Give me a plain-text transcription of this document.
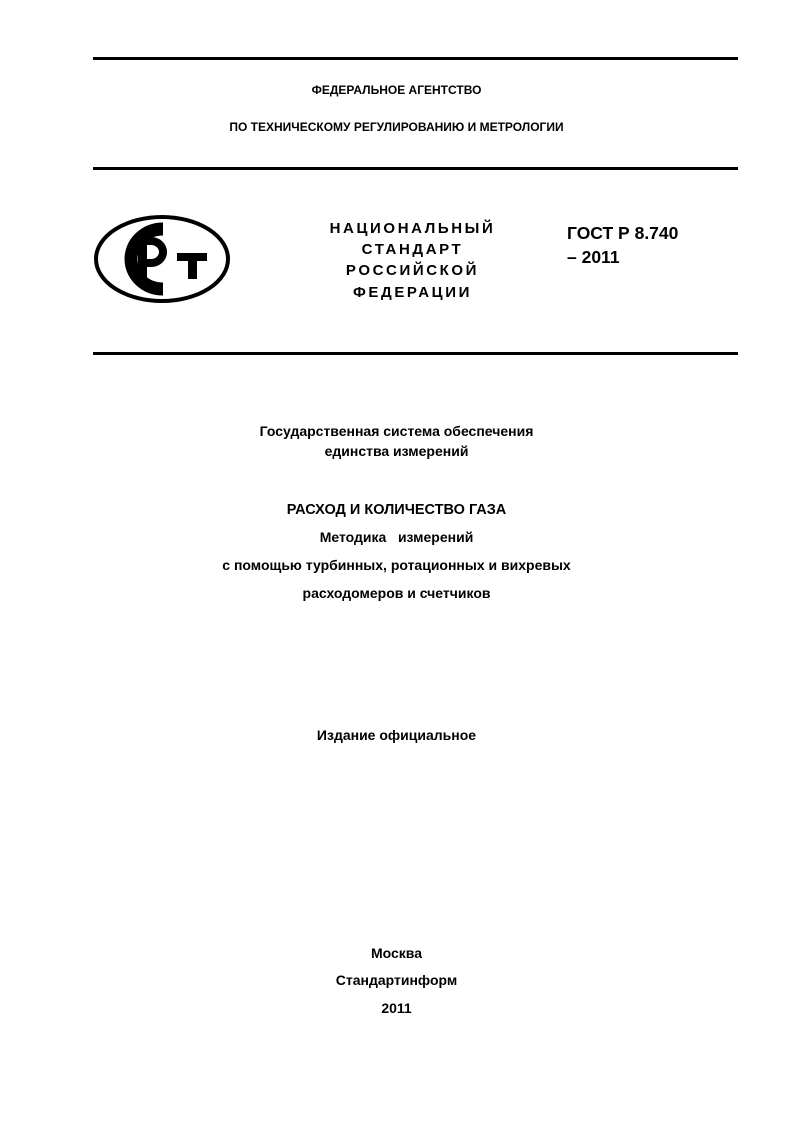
ФЕДЕРАЛЬНОЕ АГЕНТСТВО
ПО ТЕХНИЧЕСКОМУ РЕГУЛИРОВАНИЮ И МЕТРОЛОГИИ
НАЦИОНАЛЬНЫЙ
СТАНДАРТ
РОССИЙСКОЙ
ФЕДЕРАЦИИ
ГОСТ Р 8.740
– 2011
Государственная система обеспечения
единства измерений
РАСХОД И КОЛИЧЕСТВО ГАЗА
Методика   измерений
с помощью турбинных, ротационных и вихревых
расходомеров и счетчиков
Издание официальное
Москва
Стандартинформ
2011
